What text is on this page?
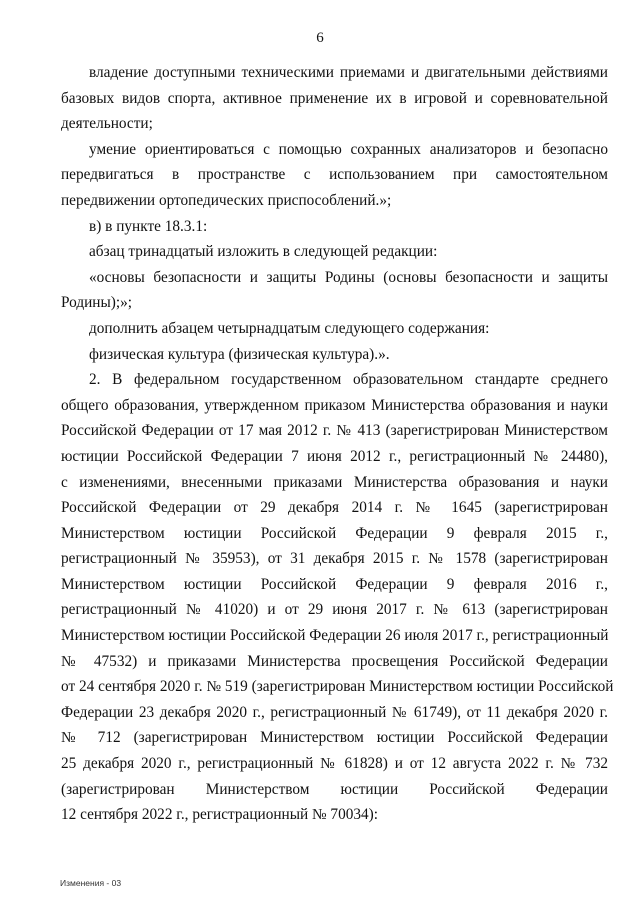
6
владение доступными техническими приемами и двигательными действиями
базовых видов спорта, активное применение их в игровой и соревновательной
деятельности;
умение ориентироваться с помощью сохранных анализаторов и безопасно
передвигаться в пространстве с использованием при самостоятельном
передвижении ортопедических приспособлений.»;
в) в пункте 18.3.1:
абзац тринадцатый изложить в следующей редакции:
«основы безопасности и защиты Родины (основы безопасности и защиты
Родины);»;
дополнить абзацем четырнадцатым следующего содержания:
физическая культура (физическая культура).».
2. В федеральном государственном образовательном стандарте среднего
общего образования, утвержденном приказом Министерства образования и науки
Российской Федерации от 17 мая 2012 г. № 413 (зарегистрирован Министерством
юстиции Российской Федерации 7 июня 2012 г., регистрационный № 24480),
с изменениями, внесенными приказами Министерства образования и науки
Российской Федерации от 29 декабря 2014 г. № 1645 (зарегистрирован
Министерством юстиции Российской Федерации 9 февраля 2015 г.,
регистрационный № 35953), от 31 декабря 2015 г. № 1578 (зарегистрирован
Министерством юстиции Российской Федерации 9 февраля 2016 г.,
регистрационный № 41020) и от 29 июня 2017 г. № 613 (зарегистрирован
Министерством юстиции Российской Федерации 26 июля 2017 г., регистрационный
№ 47532) и приказами Министерства просвещения Российской Федерации
от 24 сентября 2020 г. № 519 (зарегистрирован Министерством юстиции Российской
Федерации 23 декабря 2020 г., регистрационный № 61749), от 11 декабря 2020 г.
№ 712 (зарегистрирован Министерством юстиции Российской Федерации
25 декабря 2020 г., регистрационный № 61828) и от 12 августа 2022 г. № 732
(зарегистрирован Министерством юстиции Российской Федерации
12 сентября 2022 г., регистрационный № 70034):
Изменения - 03
